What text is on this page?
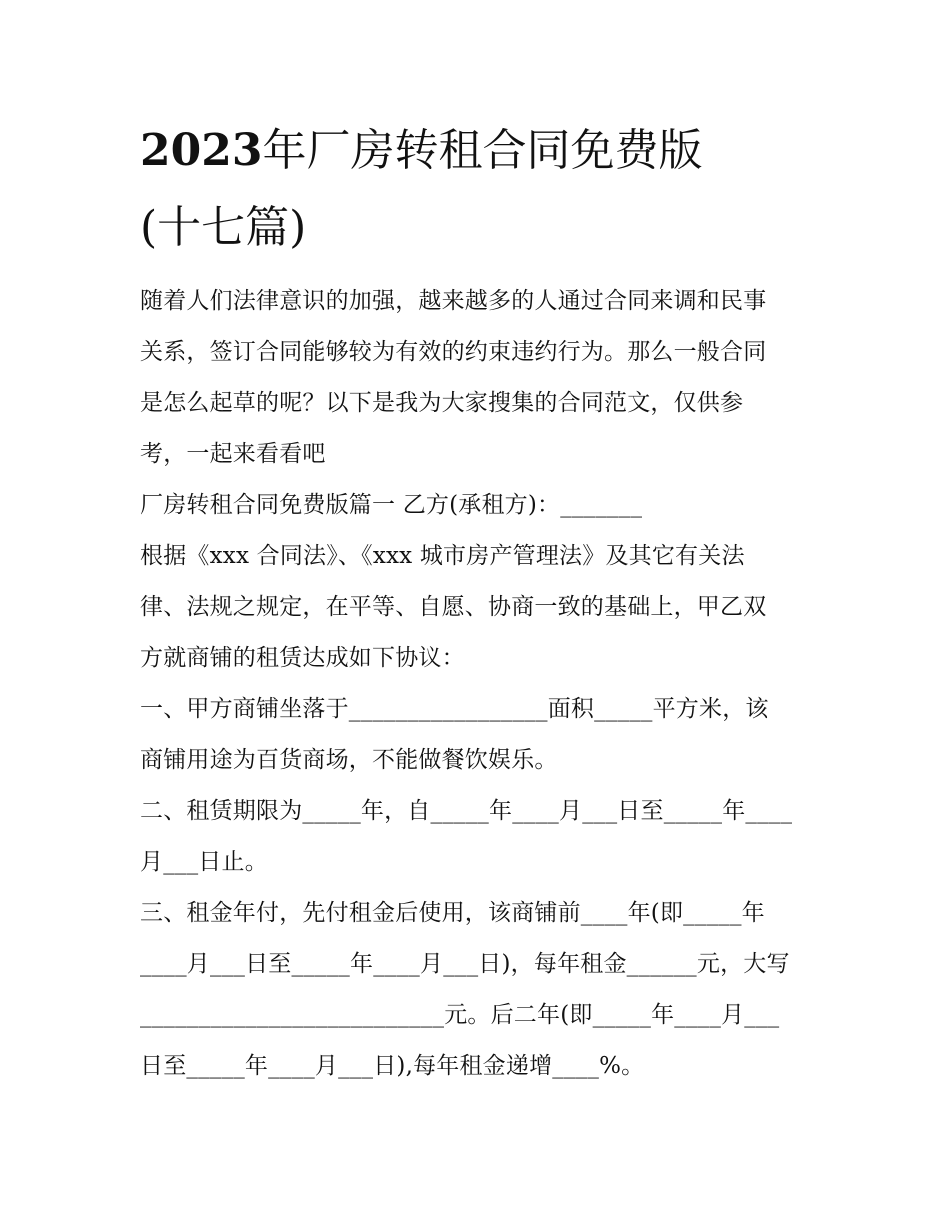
2023年厂房转租合同免费版
(十七篇)

随着人们法律意识的加强，越来越多的人通过合同来调和民事
关系，签订合同能够较为有效的约束违约行为。那么一般合同
是怎么起草的呢？以下是我为大家搜集的合同范文，仅供参
考，一起来看看吧

厂房转租合同免费版篇一 乙方(承租方)：_______

根据《xxx 合同法》、《xxx 城市房产管理法》及其它有关法
律、法规之规定，在平等、自愿、协商一致的基础上，甲乙双
方就商铺的租赁达成如下协议：

一、甲方商铺坐落于_________________面积_____平方米，该
商铺用途为百货商场，不能做餐饮娱乐。

二、租赁期限为_____年，自_____年____月___日至_____年____
月___日止。

三、租金年付，先付租金后使用，该商铺前____年(即_____年
____月___日至_____年____月___日)，每年租金______元，大写
__________________________元。后二年(即_____年____月___
日至_____年____月___日),每年租金递增____%。
